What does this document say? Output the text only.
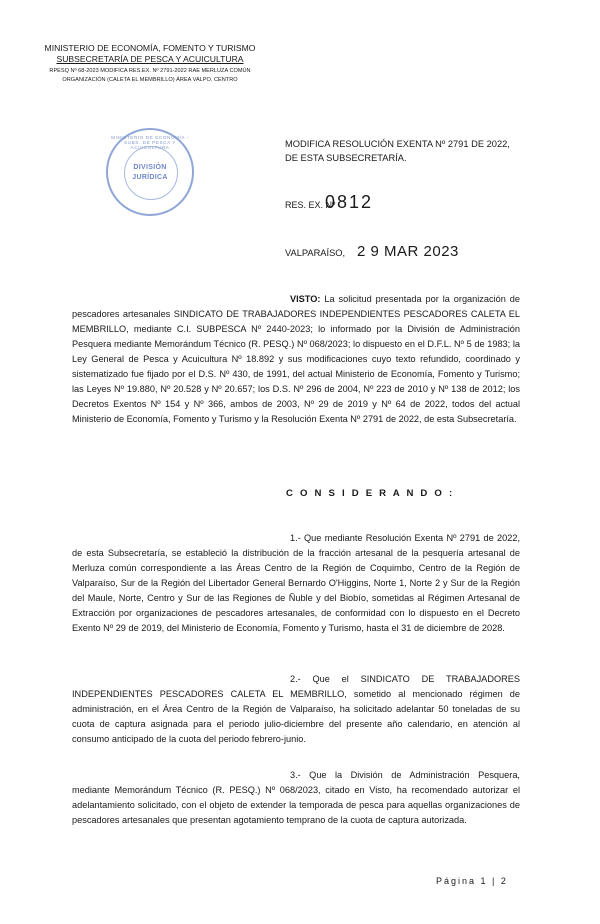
MINISTERIO DE ECONOMÍA, FOMENTO Y TURISMO
SUBSECRETARÍA DE PESCA Y ACUICULTURA
RPESQ Nº 68-2023 MODIFICA RES.EX. Nº 2791-2022 RAE MERLUZA COMÚN
ORGANIZACIÓN (CALETA EL MEMBRILLO) ÁREA VALPO. CENTRO
MINISTERIO DE ECONOMÍA - SUBS. DE PESCA Y ACUICULTURA
DIVISIÓN
JURÍDICA
MODIFICA RESOLUCIÓN EXENTA Nº 2791 DE 2022,
DE ESTA SUBSECRETARÍA.
RES. EX. Nº
0812
VALPARAÍSO, 2 9 MAR 2023

VISTO: La solicitud presentada por la organización de pescadores artesanales SINDICATO DE TRABAJADORES INDEPENDIENTES PESCADORES CALETA EL MEMBRILLO, mediante C.I. SUBPESCA Nº 2440-2023; lo informado por la División de Administración Pesquera mediante Memorándum Técnico (R. PESQ.) Nº 068/2023; lo dispuesto en el D.F.L. Nº 5 de 1983; la Ley General de Pesca y Acuicultura Nº 18.892 y sus modificaciones cuyo texto refundido, coordinado y sistematizado fue fijado por el D.S. Nº 430, de 1991, del actual Ministerio de Economía, Fomento y Turismo; las Leyes Nº 19.880, Nº 20.528 y Nº 20.657; los D.S. Nº 296 de 2004, Nº 223 de 2010 y Nº 138 de 2012; los Decretos Exentos Nº 154 y Nº 366, ambos de 2003, Nº 29 de 2019 y Nº 64 de 2022, todos del actual Ministerio de Economía, Fomento y Turismo y la Resolución Exenta Nº 2791 de 2022, de esta Subsecretaría.

C O N S I D E R A N D O :

1.- Que mediante Resolución Exenta Nº 2791 de 2022, de esta Subsecretaría, se estableció la distribución de la fracción artesanal de la pesquería artesanal de Merluza común correspondiente a las Áreas Centro de la Región de Coquimbo, Centro de la Región de Valparaíso, Sur de la Región del Libertador General Bernardo O'Higgins, Norte 1, Norte 2 y Sur de la Región del Maule, Norte, Centro y Sur de las Regiones de Ñuble y del Biobío, sometidas al Régimen Artesanal de Extracción por organizaciones de pescadores artesanales, de conformidad con lo dispuesto en el Decreto Exento Nº 29 de 2019, del Ministerio de Economía, Fomento y Turismo, hasta el 31 de diciembre de 2028.

2.- Que el SINDICATO DE TRABAJADORES INDEPENDIENTES PESCADORES CALETA EL MEMBRILLO, sometido al mencionado régimen de administración, en el Área Centro de la Región de Valparaíso, ha solicitado adelantar 50 toneladas de su cuota de captura asignada para el periodo julio-diciembre del presente año calendario, en atención al consumo anticipado de la cuota del periodo febrero-junio.

3.- Que la División de Administración Pesquera, mediante Memorándum Técnico (R. PESQ.) Nº 068/2023, citado en Visto, ha recomendado autorizar el adelantamiento solicitado, con el objeto de extender la temporada de pesca para aquellas organizaciones de pescadores artesanales que presentan agotamiento temprano de la cuota de captura autorizada.

Página 1 | 2
